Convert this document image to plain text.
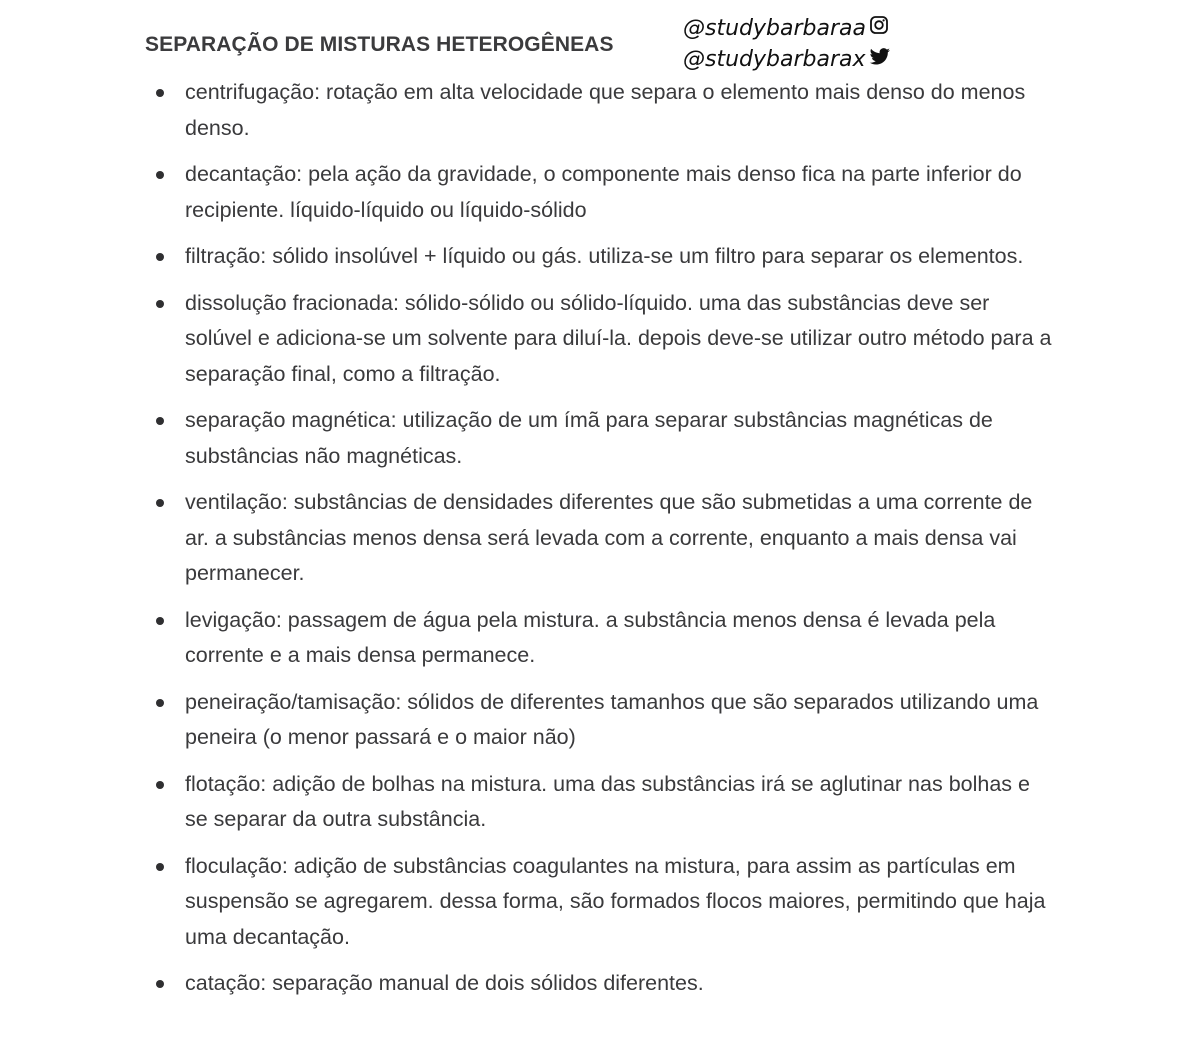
SEPARAÇÃO DE MISTURAS HETEROGÊNEAS
@studybarbaraa
@studybarbarax
centrifugação: rotação em alta velocidade que separa o elemento mais denso do menos denso.
decantação: pela ação da gravidade, o componente mais denso fica na parte inferior do recipiente. líquido-líquido ou líquido-sólido
filtração: sólido insolúvel + líquido ou gás. utiliza-se um filtro para separar os elementos.
dissolução fracionada: sólido-sólido ou sólido-líquido. uma das substâncias deve ser solúvel e adiciona-se um solvente para diluí-la. depois deve-se utilizar outro método para a separação final, como a filtração.
separação magnética: utilização de um ímã para separar substâncias magnéticas de substâncias não magnéticas.
ventilação: substâncias de densidades diferentes que são submetidas a uma corrente de ar. a substâncias menos densa será levada com a corrente, enquanto a mais densa vai permanecer.
levigação: passagem de água pela mistura. a substância menos densa é levada pela corrente e a mais densa permanece.
peneiração/tamisação: sólidos de diferentes tamanhos que são separados utilizando uma peneira (o menor passará e o maior não)
flotação: adição de bolhas na mistura. uma das substâncias irá se aglutinar nas bolhas e se separar da outra substância.
floculação: adição de substâncias coagulantes na mistura, para assim as partículas em suspensão se agregarem. dessa forma, são formados flocos maiores, permitindo que haja uma decantação.
catação: separação manual de dois sólidos diferentes.
